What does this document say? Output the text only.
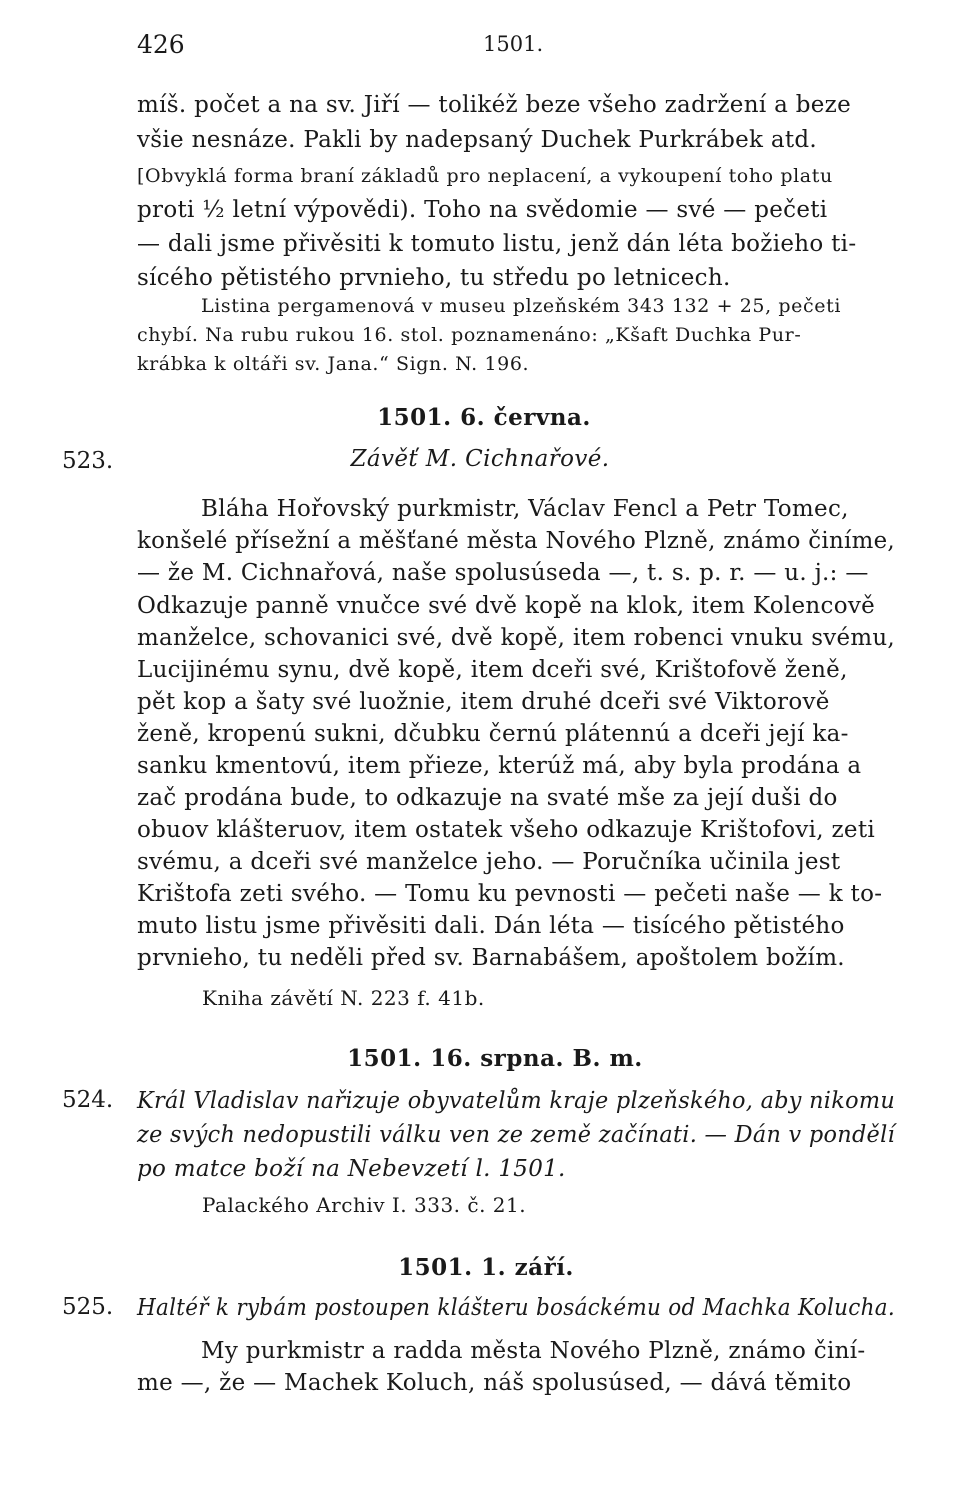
426	1501.
míš. počet a na sv. Jiří — tolikéž beze všeho zadržení a beze
všie nesnáze. Pakli by nadepsaný Duchek Purkrábek atd.
[Obvyklá forma braní základů pro neplacení, a vykoupení toho platu
proti ½ letní výpovědi). Toho na svědomie — své — pečeti
— dali jsme přivěsiti k tomuto listu, jenž dán léta božieho ti-
sícého pětistého prvnieho, tu středu po letnicech.
Listina pergamenová v museu plzeňském 343 132 + 25, pečeti
chybí. Na rubu rukou 16. stol. poznamenáno: „Kšaft Duchka Pur-
krábka k oltáři sv. Jana.“ Sign. N. 196.
1501. 6. června.
523.	Závěť M. Cichnařové.
Bláha Hořovský purkmistr, Václav Fencl a Petr Tomec,
konšelé přísežní a měšťané města Nového Plzně, známo činíme,
— že M. Cichnařová, naše spolusúseda —, t. s. p. r. — u. j.: —
Odkazuje panně vnučce své dvě kopě na klok, item Kolencově
manželce, schovanici své, dvě kopě, item robenci vnuku svému,
Lucijinému synu, dvě kopě, item dceři své, Krištofově ženě,
pět kop a šaty své luožnie, item druhé dceři své Viktorově
ženě, kropenú sukni, dčubku černú plátennú a dceři její ka-
sanku kmentovú, item přieze, kterúž má, aby byla prodána a
zač prodána bude, to odkazuje na svaté mše za její duši do
obuov klášteruov, item ostatek všeho odkazuje Krištofovi, zeti
svému, a dceři své manželce jeho. — Poručníka učinila jest
Krištofa zeti svého. — Tomu ku pevnosti — pečeti naše — k to-
muto listu jsme přivěsiti dali. Dán léta — tisícého pětistého
prvnieho, tu neděli před sv. Barnabášem, apoštolem božím.
Kniha závětí N. 223 f. 41b.
1501. 16. srpna. B. m.
524. Král Vladislav nařizuje obyvatelům kraje plzeňského, aby nikomu
ze svých nedopustili válku ven ze země začínati. — Dán v pondělí
po matce boží na Nebevzetí l. 1501.
Palackého Archiv I. 333. č. 21.
1501. 1. září.
525. Haltéř k rybám postoupen klášteru bosáckému od Machka Kolucha.
My purkmistr a radda města Nového Plzně, známo činí-
me —, že — Machek Koluch, náš spolusúsed, — dává těmito
